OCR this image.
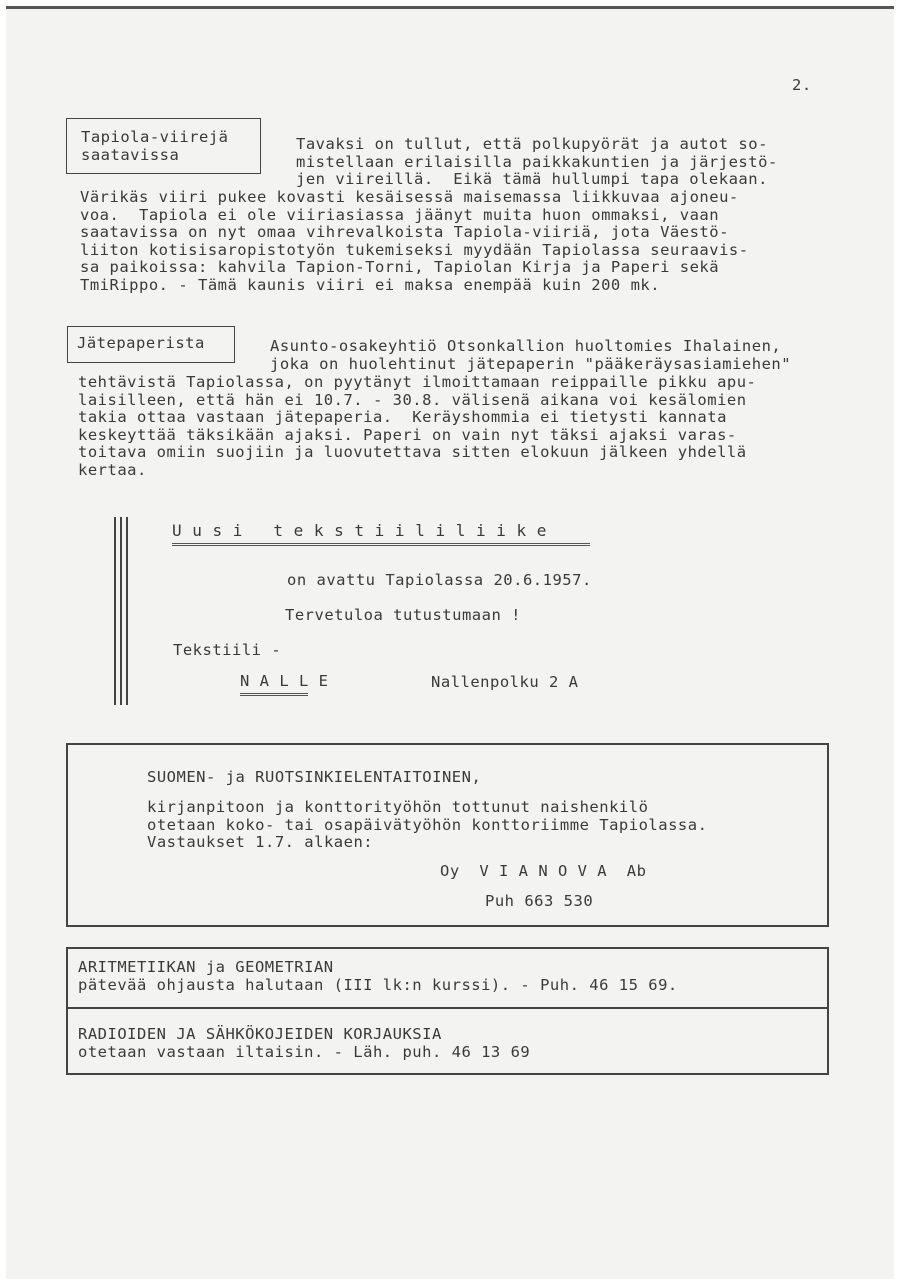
2.
Tapiola-viirejä
saatavissa
Tavaksi on tullut, että polkupyörät ja autot so-
mistellaan erilaisilla paikkakuntien ja järjestö-
jen viireillä.  Eikä tämä hullumpi tapa olekaan.
Värikäs viiri pukee kovasti kesäisessä maisemassa liikkuvaa ajoneu-
voa.  Tapiola ei ole viiriasiassa jäänyt muita huon ommaksi, vaan
saatavissa on nyt omaa vihrevalkoista Tapiola-viiriä, jota Väestö-
liiton kotisisaropistotyön tukemiseksi myydään Tapiolassa seuraavis-
sa paikoissa: kahvila Tapion-Torni, Tapiolan Kirja ja Paperi sekä
TmiRippo. - Tämä kaunis viiri ei maksa enempää kuin 200 mk.
Jätepaperista	Asunto-osakeyhtiö Otsonkallion huoltomies Ihalainen,
joka on huolehtinut jätepaperin "pääkeräysasiamiehen"
tehtävistä Tapiolassa, on pyytänyt ilmoittamaan reippaille pikku apu-
laisilleen, että hän ei 10.7. - 30.8. välisenä aikana voi kesälomien
takia ottaa vastaan jätepaperia.  Keräyshommia ei tietysti kannata
keskeyttää täksikään ajaksi. Paperi on vain nyt täksi ajaksi varas-
toitava omiin suojiin ja luovutettava sitten elokuun jälkeen yhdellä
kertaa.
U u s i   t e k s t i i l i l i i k e
on avattu Tapiolassa 20.6.1957.
Tervetuloa tutustumaan !
Tekstiili -
N A L L E	Nallenpolku 2 A
SUOMEN- ja RUOTSINKIELENTAITOINEN,
kirjanpitoon ja konttorityöhön tottunut naishenkilö
otetaan koko- tai osapäivätyöhön konttoriimme Tapiolassa.
Vastaukset 1.7. alkaen:
Oy  V I A N O V A  Ab
Puh 663 530
ARITMETIIKAN ja GEOMETRIAN
pätevää ohjausta halutaan (III lk:n kurssi). - Puh. 46 15 69.
RADIOIDEN JA SÄHKÖKOJEIDEN KORJAUKSIA
otetaan vastaan iltaisin. - Läh. puh. 46 13 69
